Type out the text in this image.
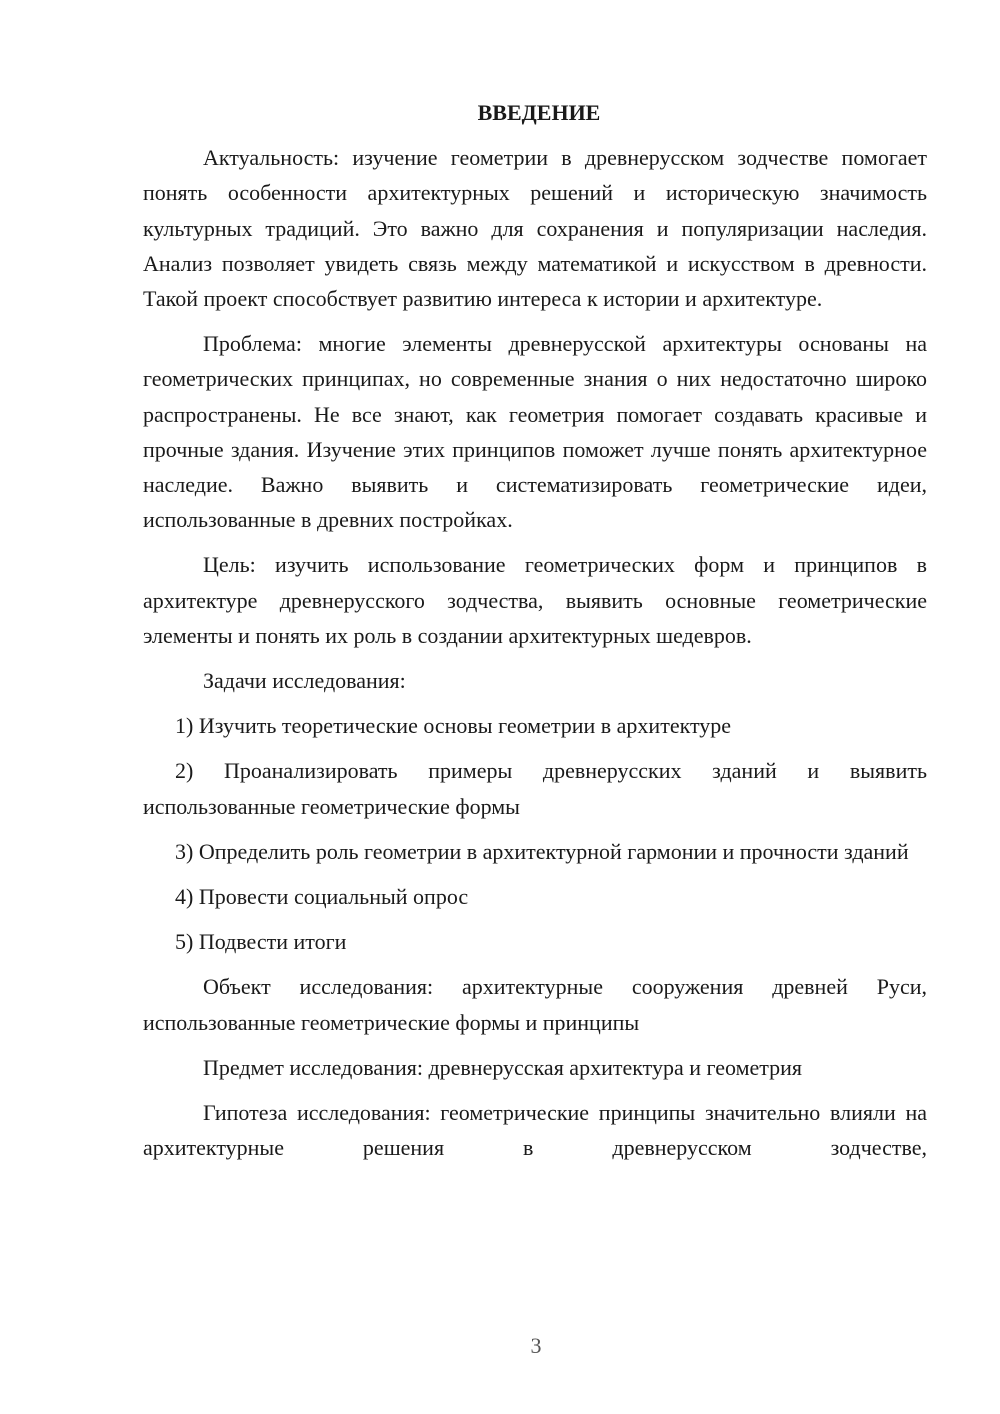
ВВЕДЕНИЕ

Актуальность: изучение геометрии в древнерусском зодчестве помогает понять особенности архитектурных решений и историческую значимость культурных традиций. Это важно для сохранения и популяризации наследия. Анализ позволяет увидеть связь между математикой и искусством в древности. Такой проект способствует развитию интереса к истории и архитектуре.

Проблема: многие элементы древнерусской архитектуры основаны на геометрических принципах, но современные знания о них недостаточно широко распространены. Не все знают, как геометрия помогает создавать красивые и прочные здания. Изучение этих принципов поможет лучше понять архитектурное наследие. Важно выявить и систематизировать геометрические идеи, использованные в древних постройках.

Цель: изучить использование геометрических форм и принципов в архитектуре древнерусского зодчества, выявить основные геометрические элементы и понять их роль в создании архитектурных шедевров.

Задачи исследования:

1) Изучить теоретические основы геометрии в архитектуре

2) Проанализировать примеры древнерусских зданий и выявить использованные геометрические формы

3) Определить роль геометрии в архитектурной гармонии и прочности зданий

4) Провести социальный опрос

5) Подвести итоги

Объект исследования: архитектурные сооружения древней Руси, использованные геометрические формы и принципы

Предмет исследования: древнерусская архитектура и геометрия

Гипотеза исследования: геометрические принципы значительно влияли на архитектурные решения в древнерусском зодчестве,

3
